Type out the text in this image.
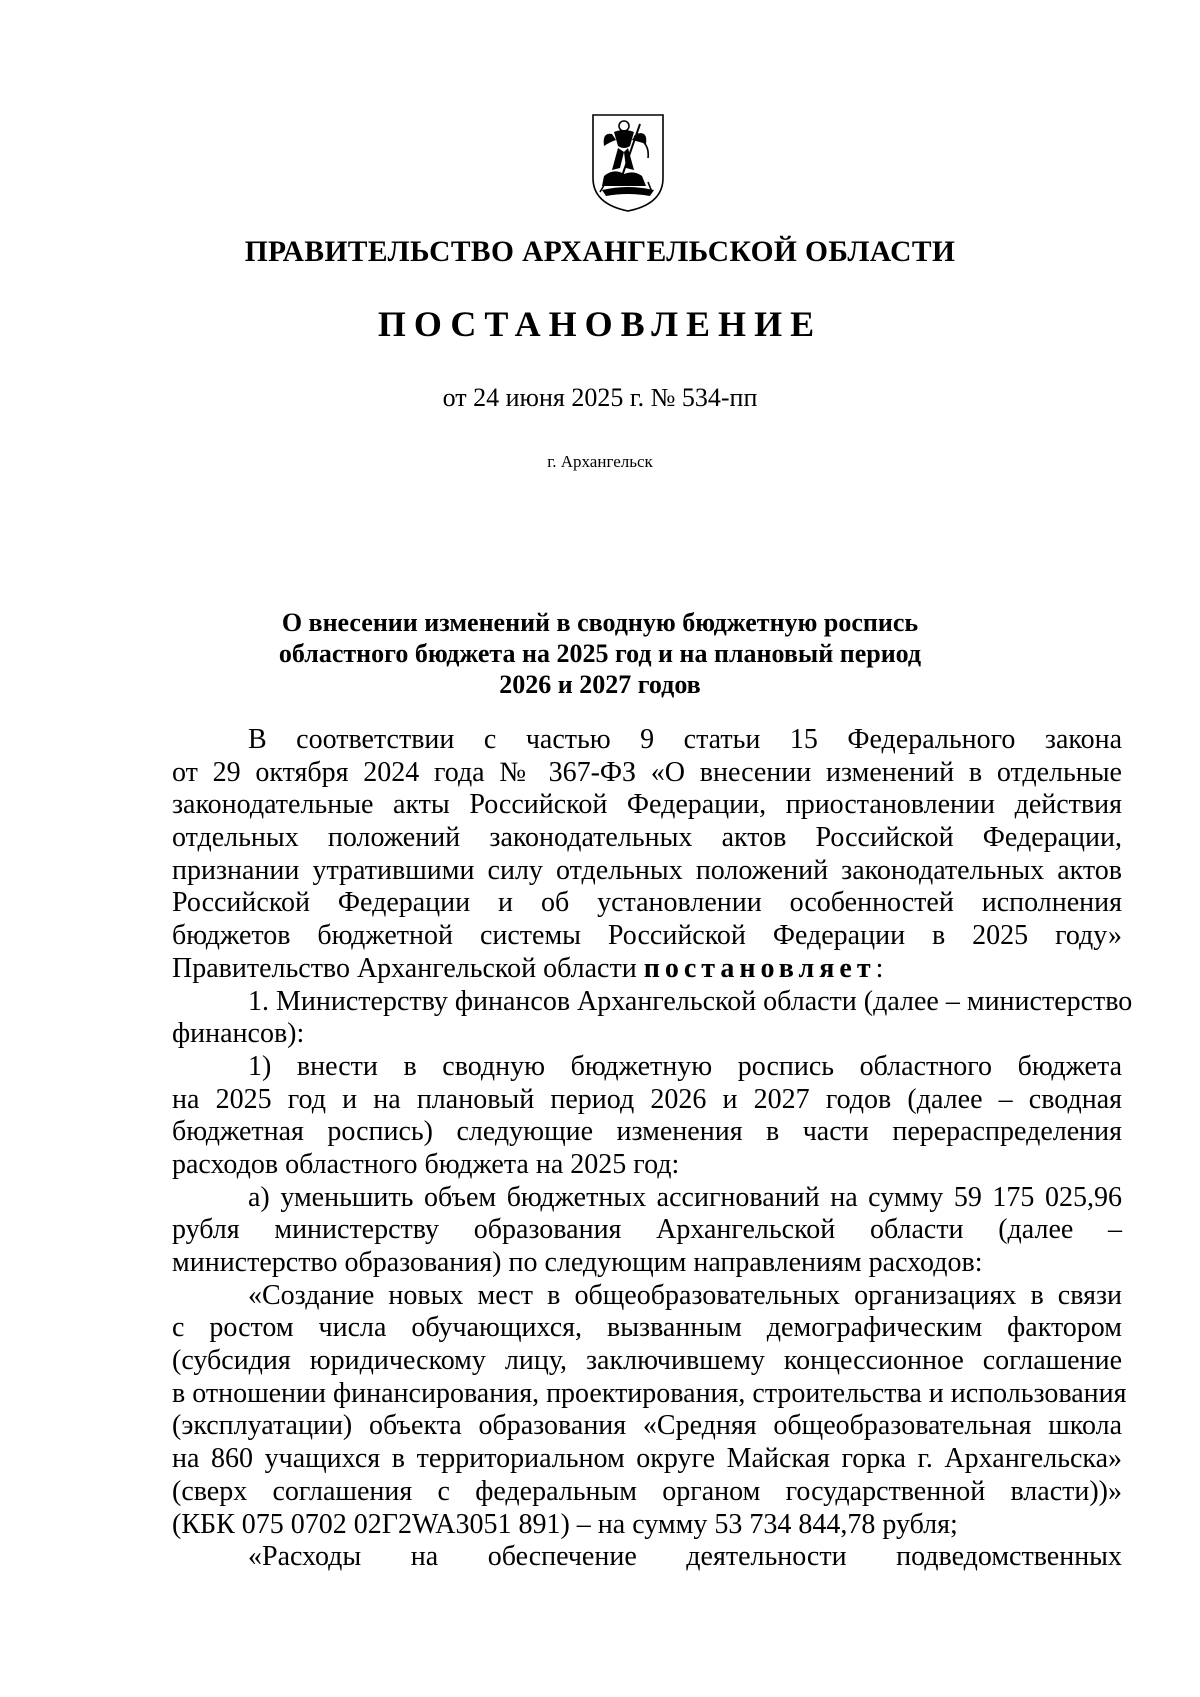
ПРАВИТЕЛЬСТВО АРХАНГЕЛЬСКОЙ ОБЛАСТИ
ПОСТАНОВЛЕНИЕ
от 24 июня 2025 г. № 534-пп
г. Архангельск
О внесении изменений в сводную бюджетную роспись
областного бюджета на 2025 год и на плановый период
2026 и 2027 годов
В соответствии с частью 9 статьи 15 Федерального закона
от 29 октября 2024 года № 367-ФЗ «О внесении изменений в отдельные
законодательные акты Российской Федерации, приостановлении действия
отдельных положений законодательных актов Российской Федерации,
признании утратившими силу отдельных положений законодательных актов
Российской Федерации и об установлении особенностей исполнения
бюджетов бюджетной системы Российской Федерации в 2025 году»
Правительство Архангельской области постановляет:
1. Министерству финансов Архангельской области (далее – министерство
финансов):
1) внести в сводную бюджетную роспись областного бюджета
на 2025 год и на плановый период 2026 и 2027 годов (далее – сводная
бюджетная роспись) следующие изменения в части перераспределения
расходов областного бюджета на 2025 год:
а) уменьшить объем бюджетных ассигнований на сумму 59 175 025,96
рубля министерству образования Архангельской области (далее –
министерство образования) по следующим направлениям расходов:
«Создание новых мест в общеобразовательных организациях в связи
с ростом числа обучающихся, вызванным демографическим фактором
(субсидия юридическому лицу, заключившему концессионное соглашение
в отношении финансирования, проектирования, строительства и использования
(эксплуатации) объекта образования «Средняя общеобразовательная школа
на 860 учащихся в территориальном округе Майская горка г. Архангельска»
(сверх соглашения с федеральным органом государственной власти))»
(КБК 075 0702 02Г2WA3051 891) – на сумму 53 734 844,78 рубля;
«Расходы на обеспечение деятельности подведомственных
